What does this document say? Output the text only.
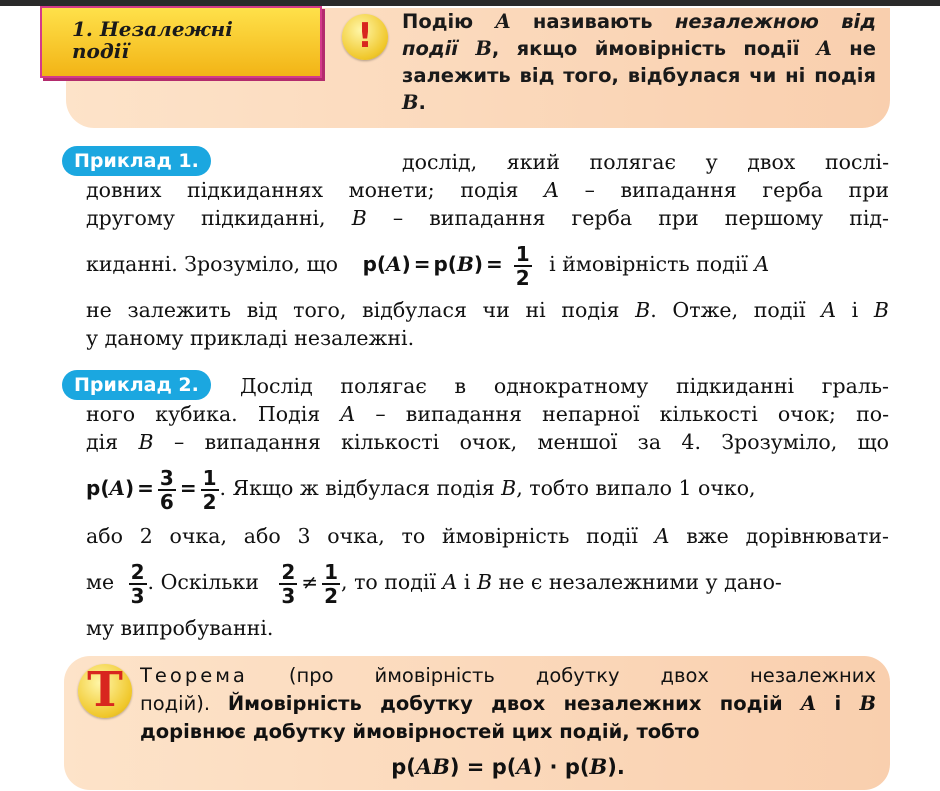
1. Незалежні події	!	Подію A називають незалежною від події B, якщо ймовірність події A не залежить від того, відбулася чи ні подія B.
Приклад 1.	дослід, який полягає у двох послі-
довних підкиданнях монети; подія A – випадання герба при
другому підкиданні, B – випадання герба при першому під-
киданні. Зрозуміло, що $p(A) = p(B) = \frac{1}{2}$ і ймовірність події A
не залежить від того, відбулася чи ні подія B. Отже, події A і B
у даному прикладі незалежні.
Приклад 2.	Дослід полягає в однократному підкиданні граль-
ного кубика. Подія A – випадання непарної кількості очок; по-
дія B – випадання кількості очок, меншої за 4. Зрозуміло, що
$p(A) = \frac{3}{6} = \frac{1}{2}$ . Якщо ж відбулася подія B, тобто випало 1 очко,
або 2 очка, або 3 очка, то ймовірність події A вже дорівнювати-
ме $\frac{2}{3}$ . Оскільки $\frac{2}{3} \ne \frac{1}{2}$ , то події A і B не є незалежними у дано-
му випробуванні.
Т Теорема (про ймовірність добутку двох незалежних
подій). Ймовірність добутку двох незалежних подій A і B
дорівнює добутку ймовірностей цих подій, тобто
p(AB) = p(A) · p(B).
